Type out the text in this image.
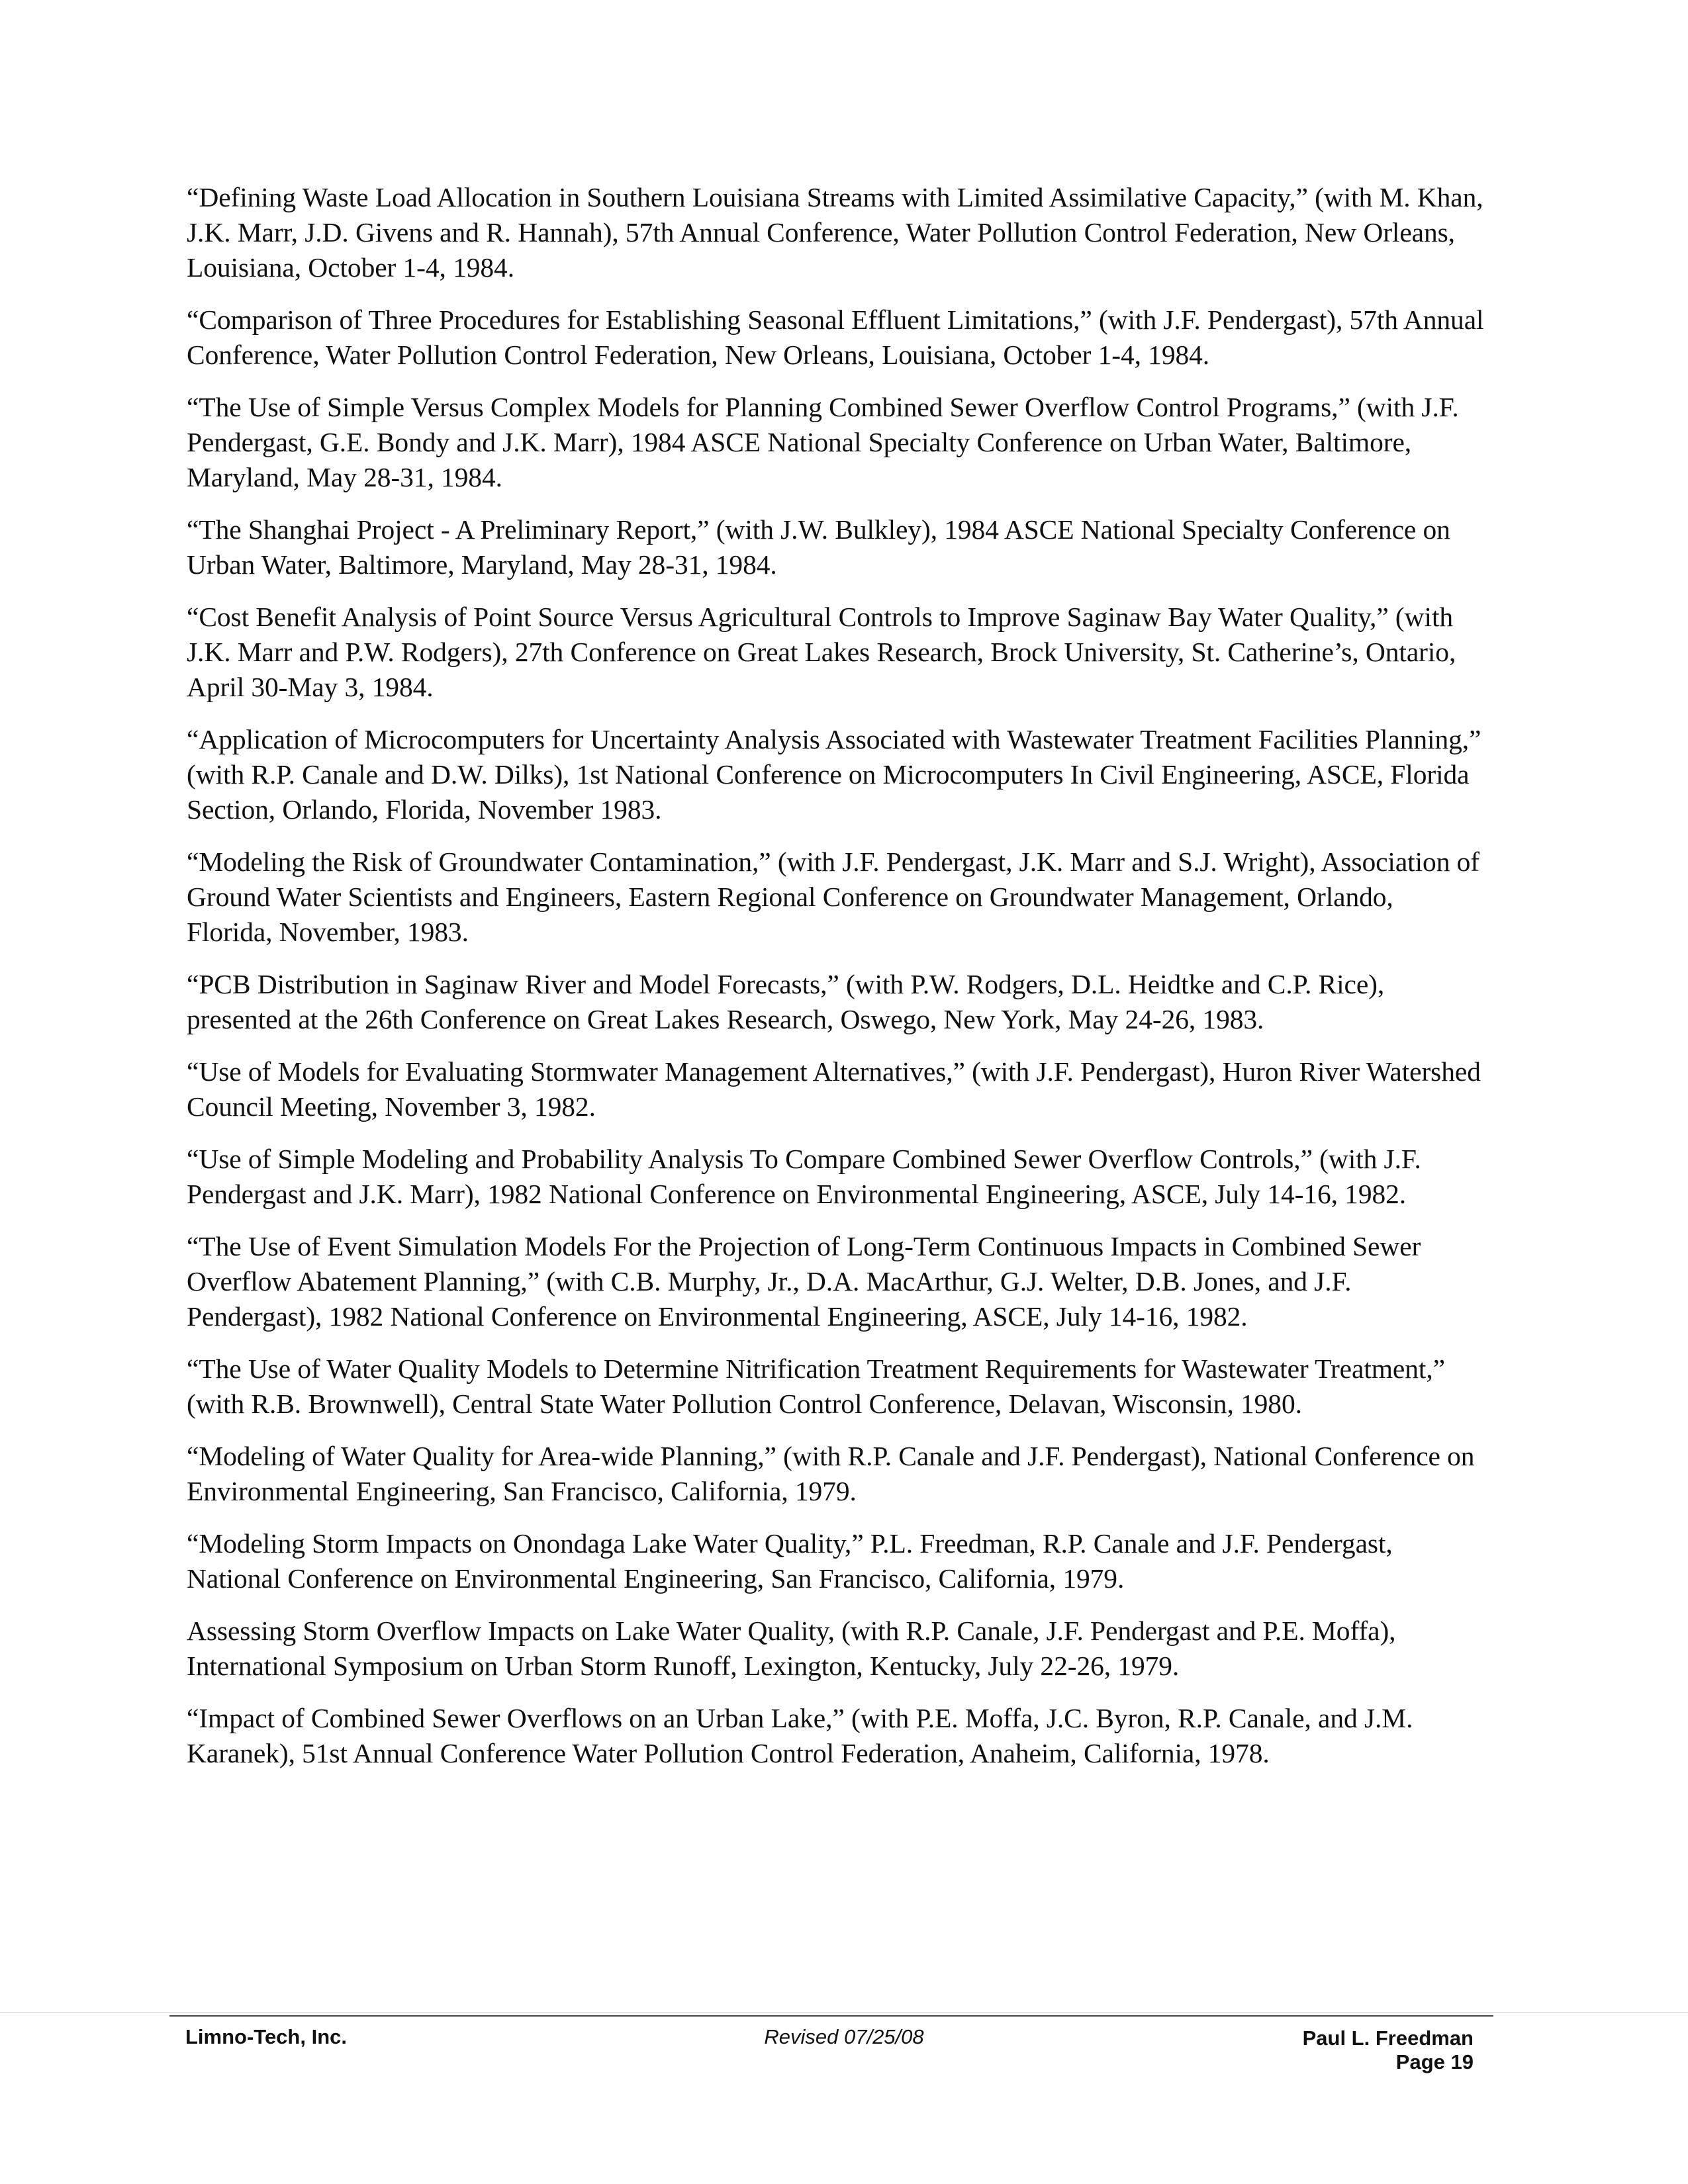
“Defining Waste Load Allocation in Southern Louisiana Streams with Limited Assimilative Capacity,” (with M. Khan, J.K. Marr, J.D. Givens and R. Hannah), 57th Annual Conference, Water Pollution Control Federation, New Orleans, Louisiana, October 1-4, 1984.

“Comparison of Three Procedures for Establishing Seasonal Effluent Limitations,” (with J.F. Pendergast), 57th Annual Conference, Water Pollution Control Federation, New Orleans, Louisiana, October 1-4, 1984.

“The Use of Simple Versus Complex Models for Planning Combined Sewer Overflow Control Programs,” (with J.F. Pendergast, G.E. Bondy and J.K. Marr), 1984 ASCE National Specialty Conference on Urban Water, Baltimore, Maryland, May 28-31, 1984.

“The Shanghai Project - A Preliminary Report,” (with J.W. Bulkley), 1984 ASCE National Specialty Conference on Urban Water, Baltimore, Maryland, May 28-31, 1984.

“Cost Benefit Analysis of Point Source Versus Agricultural Controls to Improve Saginaw Bay Water Quality,” (with J.K. Marr and P.W. Rodgers), 27th Conference on Great Lakes Research, Brock University, St. Catherine’s, Ontario, April 30-May 3, 1984.

“Application of Microcomputers for Uncertainty Analysis Associated with Wastewater Treatment Facilities Planning,” (with R.P. Canale and D.W. Dilks), 1st National Conference on Microcomputers In Civil Engineering, ASCE, Florida Section, Orlando, Florida, November 1983.

“Modeling the Risk of Groundwater Contamination,” (with J.F. Pendergast, J.K. Marr and S.J. Wright), Association of Ground Water Scientists and Engineers, Eastern Regional Conference on Groundwater Management, Orlando, Florida, November, 1983.

“PCB Distribution in Saginaw River and Model Forecasts,” (with P.W. Rodgers, D.L. Heidtke and C.P. Rice), presented at the 26th Conference on Great Lakes Research, Oswego, New York, May 24-26, 1983.

“Use of Models for Evaluating Stormwater Management Alternatives,” (with J.F. Pendergast), Huron River Watershed Council Meeting, November 3, 1982.

“Use of Simple Modeling and Probability Analysis To Compare Combined Sewer Overflow Controls,” (with J.F. Pendergast and J.K. Marr), 1982 National Conference on Environmental Engineering, ASCE, July 14-16, 1982.

“The Use of Event Simulation Models For the Projection of Long-Term Continuous Impacts in Combined Sewer Overflow Abatement Planning,” (with C.B. Murphy, Jr., D.A. MacArthur, G.J. Welter, D.B. Jones, and J.F. Pendergast), 1982 National Conference on Environmental Engineering, ASCE, July 14-16, 1982.

“The Use of Water Quality Models to Determine Nitrification Treatment Requirements for Wastewater Treatment,” (with R.B. Brownwell), Central State Water Pollution Control Conference, Delavan, Wisconsin, 1980.

“Modeling of Water Quality for Area-wide Planning,” (with R.P. Canale and J.F. Pendergast), National Conference on Environmental Engineering, San Francisco, California, 1979.

“Modeling Storm Impacts on Onondaga Lake Water Quality,” P.L. Freedman, R.P. Canale and J.F. Pendergast, National Conference on Environmental Engineering, San Francisco, California, 1979.

Assessing Storm Overflow Impacts on Lake Water Quality, (with R.P. Canale, J.F. Pendergast and P.E. Moffa), International Symposium on Urban Storm Runoff, Lexington, Kentucky, July 22-26, 1979.

“Impact of Combined Sewer Overflows on an Urban Lake,” (with P.E. Moffa, J.C. Byron, R.P. Canale, and J.M. Karanek), 51st Annual Conference Water Pollution Control Federation, Anaheim, California, 1978.

Limno-Tech, Inc.	Revised 07/25/08	Paul L. Freedman
Page 19
